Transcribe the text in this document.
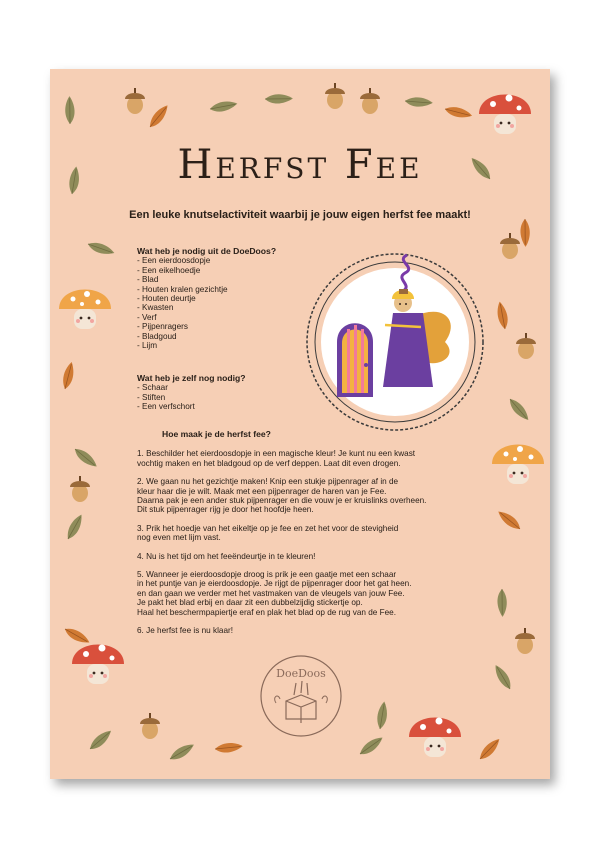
Herfst Fee
Een leuke knutselactiviteit waarbij je jouw eigen herfst fee maakt!
Wat heb je nodig uit de DoeDoos?
- Een eierdoosdopje
- Een eikelhoedje
- Blad
- Houten kralen gezichtje
- Houten deurtje
- Kwasten
- Verf
- Pijpenragers
- Bladgoud
- Lijm
Wat heb je zelf nog nodig?
- Schaar
- Stiften
- Een verfschort
Hoe maak je de herfst fee?
1. Beschilder het eierdoosdopje in een magische kleur! Je kunt nu een kwast
vochtig maken en het bladgoud op de verf deppen. Laat dit even drogen.
2. We gaan nu het gezichtje maken! Knip een stukje pijpenrager af in de
kleur haar die je wilt. Maak met een pijpenrager de haren van je Fee.
Daarna pak je een ander stuk pijpenrager en die vouw je er kruislinks overheen.
Dit stuk pijpenrager rijg je door het hoofdje heen.
3. Prik het hoedje van het eikeltje op je fee en zet het voor de stevigheid
nog even met lijm vast.
4. Nu is het tijd om het feeëndeurtje in te kleuren!
5. Wanneer je eierdoosdopje droog is prik je een gaatje met een schaar
in het puntje van je eierdoosdopje. Je rijgt de pijpenrager door het gat heen.
en dan gaan we verder met het vastmaken van de vleugels van jouw Fee.
Je pakt het blad erbij en daar zit een dubbelzijdig stickertje op.
Haal het beschermpapiertje eraf en plak het blad op de rug van de Fee.
6. Je herfst fee is nu klaar!
DoeDoos
